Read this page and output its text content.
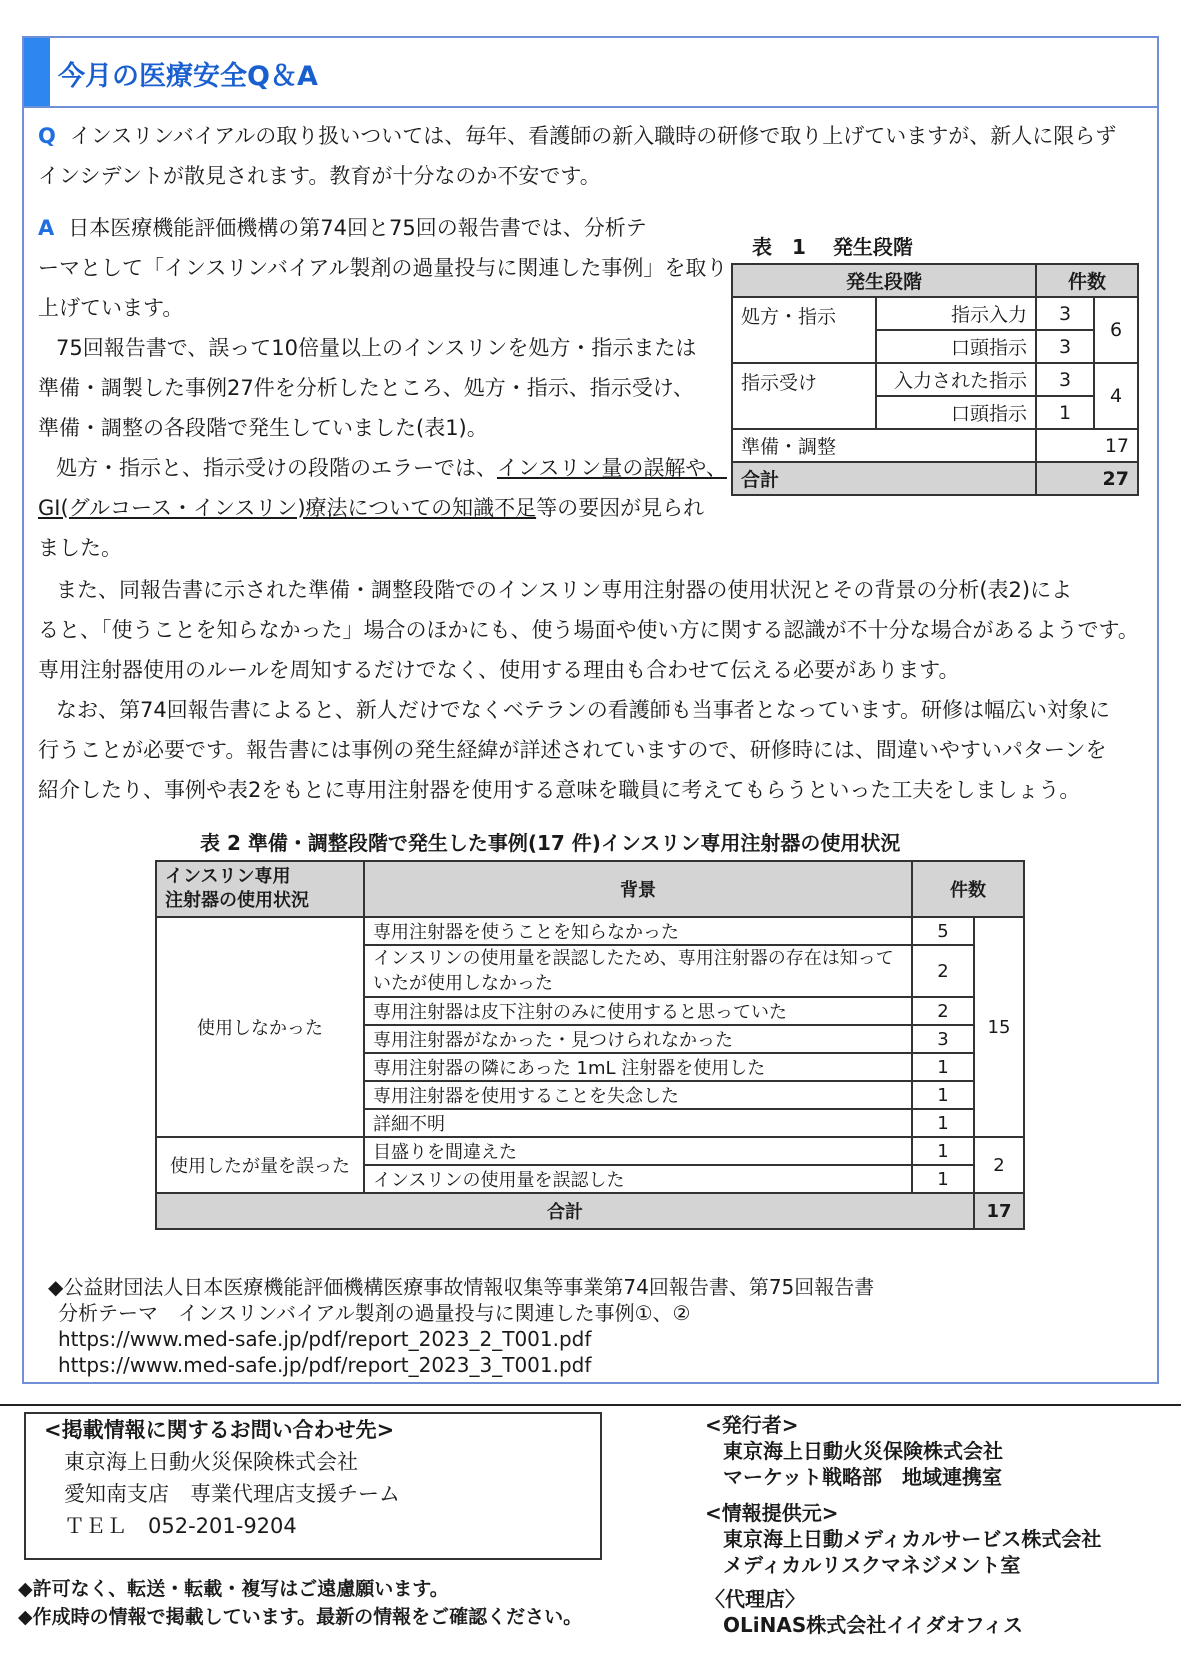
今月の医療安全Q＆A
Q インスリンバイアルの取り扱いついては、毎年、看護師の新入職時の研修で取り上げていますが、新人に限らず
インシデントが散見されます。教育が十分なのか不安です。
A 日本医療機能評価機構の第74回と75回の報告書では、分析テ
ーマとして「インスリンバイアル製剤の過量投与に関連した事例」を取り
上げています。
75回報告書で、誤って10倍量以上のインスリンを処方・指示または
準備・調製した事例27件を分析したところ、処方・指示、指示受け、
準備・調整の各段階で発生していました(表1)。
処方・指示と、指示受けの段階のエラーでは、インスリン量の誤解や、
GI(グルコース・インスリン)療法についての知識不足等の要因が見られ
ました。
表　1　 発生段階
発生段階		件数	
処方・指示	指示入力	3	6
	口頭指示	3	
指示受け	入力された指示	3	4
	口頭指示	1	
準備・調整		17	
合計		27	
また、同報告書に示された準備・調整段階でのインスリン専用注射器の使用状況とその背景の分析(表2)によ
ると、「使うことを知らなかった」場合のほかにも、使う場面や使い方に関する認識が不十分な場合があるようです。
専用注射器使用のルールを周知するだけでなく、使用する理由も合わせて伝える必要があります。
なお、第74回報告書によると、新人だけでなくベテランの看護師も当事者となっています。研修は幅広い対象に
行うことが必要です。報告書には事例の発生経緯が詳述されていますので、研修時には、間違いやすいパターンを
紹介したり、事例や表2をもとに専用注射器を使用する意味を職員に考えてもらうといった工夫をしましょう。
表 2 準備・調整段階で発生した事例(17 件)インスリン専用注射器の使用状況
インスリン専用
注射器の使用状況	背景	件数	
使用しなかった	専用注射器を使うことを知らなかった	5	15
	インスリンの使用量を誤認したため、専用注射器の存在は知って	2	
	いたが使用しなかった		
	専用注射器は皮下注射のみに使用すると思っていた	2	
	専用注射器がなかった・見つけられなかった	3	
	専用注射器の隣にあった 1mL 注射器を使用した	1	
	専用注射器を使用することを失念した	1	
	詳細不明	1	
使用したが量を誤った	目盛りを間違えた	1	2
	インスリンの使用量を誤認した	1	
合計			17
◆公益財団法人日本医療機能評価機構医療事故情報収集等事業第74回報告書、第75回報告書
分析テーマ　インスリンバイアル製剤の過量投与に関連した事例①、②
https://www.med-safe.jp/pdf/report_2023_2_T001.pdf
https://www.med-safe.jp/pdf/report_2023_3_T001.pdf
<掲載情報に関するお問い合わせ先>
東京海上日動火災保険株式会社
愛知南支店　専業代理店支援チーム
ＴＥＬ　052-201-9204
◆許可なく、転送・転載・複写はご遠慮願います。
◆作成時の情報で掲載しています。最新の情報をご確認ください。
<発行者>
東京海上日動火災保険株式会社
マーケット戦略部　地域連携室
<情報提供元>
東京海上日動メディカルサービス株式会社
メディカルリスクマネジメント室
〈代理店〉
OLiNAS株式会社イイダオフィス
